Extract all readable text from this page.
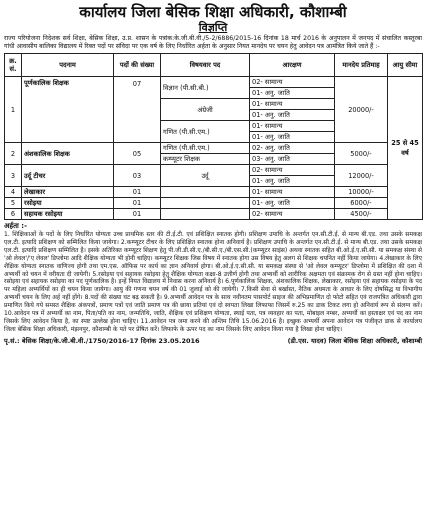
कार्यालय जिला बेसिक शिक्षा अधिकारी, कौशाम्बी
विज्ञप्ति
राज्य परियोजना निदेशक सर्व शिक्षा, बेसिक शिक्षा, उ.प्र. शासन के पत्रांक:के.जी.बी.वी./5-2/6886/2015-16 दिनांक 18 मार्च 2016 के अनुपालन में जनपद में संचालित कस्तूरबा गांधी आवासीय बालिका विद्यालय में रिक्त पदों पर संविदा पर एक वर्ष के लिए निर्धारित अर्हता के अनुसार नियत मानदेय पर चयन हेतु आवेदन पत्र आमंत्रित किये जाते हैं :-
क्र. सं.	पदनाम	पदों की संख्या	विषयवार पद	आरक्षण	मानदेय प्रतिमाह	आयु सीमा
1	पूर्णकालिक शिक्षक	07	विज्ञान (पी.सी.बी.)	02- सामान्य	20000/-	25 से 45 वर्ष
				01- अनु. जाति		
			अंग्रेजी	01- सामान्य		
				01- अनु. जाति		
			गणित (पी.सी.एम.)	01- सामान्य		
				01- अनु. जाति		
2	अंशकालिक शिक्षक	05	गणित (पी.सी.एम.)	02- अनु. जाति	5000/-	
			कम्प्यूटर शिक्षक	03- अनु. जाति		
3	उर्दू टीचर	03	उर्दू	02- सामान्य	12000/-	
				01- अनु. जाति		
4	लेखाकार	01		01- सामान्य	10000/-	
5	रसोइया	01		01- अनु. जाति	6000/-	
6	सहायक रसोइया	01		02- सामान्य	4500/-	
अर्हता :-
1. शिक्षिकाओं के पदों के लिए निर्धारित योग्यता उच्च प्राथमिक स्तर की टी.ई.टी. एवं प्रशिक्षित स्नातक होगी। प्रशिक्षण उपाधि के अन्तर्गत एन.सी.टी.ई. से मान्य बी.एड. तथा उसके समकक्ष एल.टी. इत्यादि प्रशिक्षण को सम्मिलित किया जायेगा। 2.कम्प्यूटर टीचर के लिए प्रशिक्षित स्नातक होना अनिवार्य है। प्रशिक्षण उपाधि के अन्तर्गत एन.सी.टी.ई. से मान्य बी.एड. तथा उसके समकक्ष एल.टी. इत्यादि प्रशिक्षण सम्मिलित है। इसके अतिरिक्त कम्प्यूटर शिक्षण हेतु पी.जी.डी.सी.ए./बी.सी.ए./बी.एस.सी.(कम्प्यूटर साइंस) अथवा स्नातक सहित बी.ओ.ई.ए.सी.सी. या समकक्ष संस्था से 'ओ लेवल'/'ए लेवल' डिप्लोमा आदि शैक्षिक योग्यता भी होनी चाहिए। कम्प्यूटर शिक्षक जिस विषय में स्नातक होगा उस विषय हेतु अलग से शिक्षक चयनित नहीं किया जायेगा। 4.लेखाकार के लिए शैक्षिक योग्यता स्नातक वाणिज्य होगी तथा एम.एस. ऑफिस पर कार्य का ज्ञान अनिवार्य होगा। बी.ओ.ई.ए.सी.सी. या समकक्ष संस्था से 'ओ लेवल कम्प्यूटर' डिप्लोमा में प्रशिक्षित की दशा में अभ्यर्थी को चयन में वरीयता दी जायेगी। 5.रसोइया एवं सहायक रसोइया हेतु शैक्षिक योग्यता कक्षा-8 उत्तीर्ण होगी तथा अभ्यर्थी को शारीरिक अक्षमता एवं संक्रामक रोग से ग्रस्त नहीं होना चाहिए। रसोइया एवं सहायक रसोइया का पद पूर्णकालिक है। इन्हें नियत विद्यालय में निवास करना अनिवार्य है। 6.पूर्णकालिक शिक्षक, अंशकालिक शिक्षक, लेखाकार, रसोइया एवं सहायक रसोइया के पद पर महिला अभ्यर्थियों का ही चयन किया जायेगा। आयु की गणना चयन वर्ष की 01 जुलाई को की जायेगी। 7.किसी सेवा से बर्खास्त, नैतिक अधमता के आधार के लिए दोषसिद्ध या विभागीय अभ्यर्थी चयन के लिए अर्ह नहीं होंगे। 8.पदों की संख्या घट बढ़ सकती है। 9.अभ्यर्थी आवेदन पत्र के साथ नवीनतम पासपोर्ट साइज की अभिप्रमाणित दो फोटो सहित एवं राजपत्रित अधिकारी द्वारा प्रमाणित किये गये समस्त शैक्षिक अंकपत्रों, प्रमाण पत्रों एवं जाति प्रमाण पत्र की छाया प्रतियां एवं दो स्वपता लिखा लिफाफा जिसमें रु.25 का डाक टिकट लगा हो अनिवार्य रूप से संलग्न करें। 10.आवेदन पत्र में अभ्यर्थी का नाम, पिता/पति का नाम, जन्मतिथि, जाति, शैक्षिक एवं प्रशिक्षण योग्यता, स्थाई पता, पत्र व्यवहार का पता, मोबाइल नम्बर, अभ्यर्थी का हस्ताक्षर एवं पद का नाम जिसके लिए आवेदन किया है, का स्पष्ट उल्लेख होना चाहिए। 11.आवेदन पत्र जमा करने की अन्तिम तिथि 15.06.2016 है। इच्छुक अभ्यर्थी अपना आवेदन पत्र पंजीकृत डाक से कार्यालय जिला बेसिक शिक्षा अधिकारी, मंझनपुर, कौशाम्बी के पते पर प्रेषित करें। लिफाफे के ऊपर पद का नाम जिसके लिए आवेदन किया गया है लिखा होना चाहिए।
पृ.सं.: बेसिक शिक्षा/के.जी.बी.वी./1750/2016-17 दिनांक 23.05.2016	(डी.एस. यादव) जिला बेसिक शिक्षा अधिकारी, कौशाम्बी
